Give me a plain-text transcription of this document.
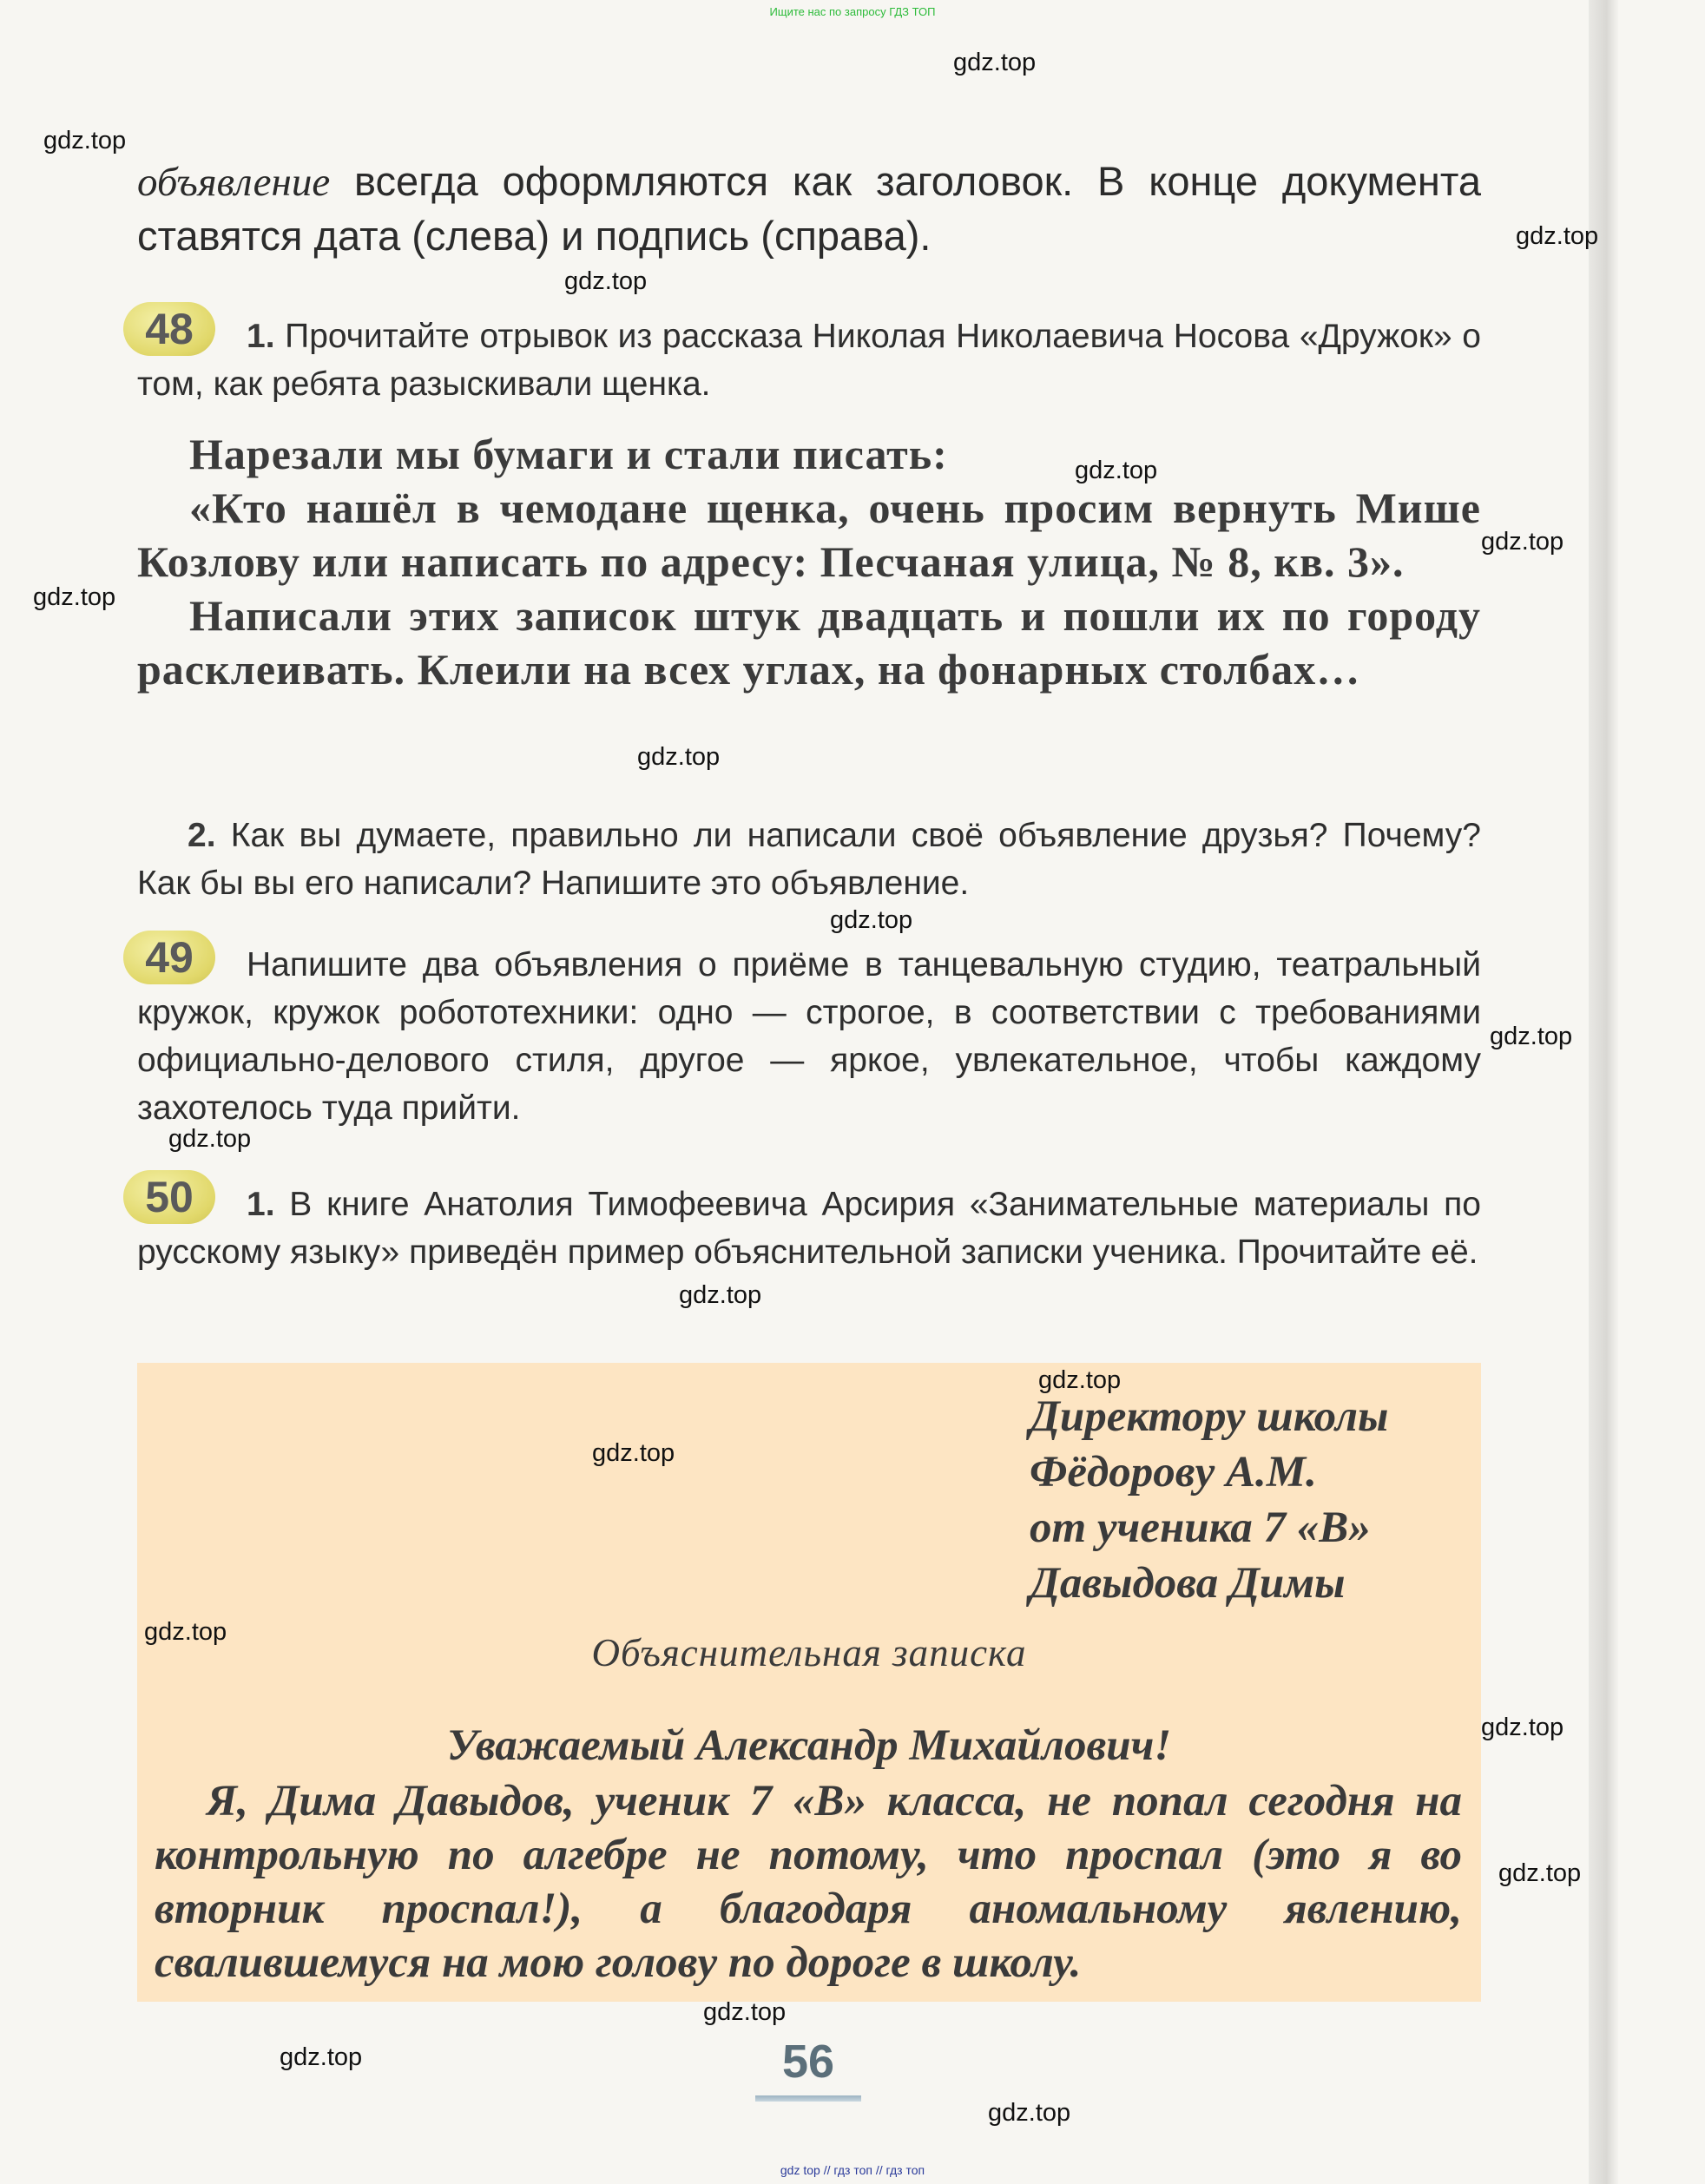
Ищите нас по запросу ГДЗ ТОП

объявление всегда оформляются как заголовок. В конце документа ставятся дата (слева) и подпись (справа).

48	1. Прочитайте отрывок из рассказа Николая Николаевича Носова «Дружок» о том, как ребята разыскивали щенка.

Нарезали мы бумаги и стали писать:
«Кто нашёл в чемодане щенка, очень просим вернуть Мише Козлову или написать по адресу: Песчаная улица, № 8, кв. 3».
Написали этих записок штук двадцать и пошли их по городу расклеивать. Клеили на всех углах, на фонарных столбах…

2. Как вы думаете, правильно ли написали своё объявление друзья? Почему? Как бы вы его написали? Напишите это объявление.

49	Напишите два объявления о приёме в танцевальную студию, театральный кружок, кружок робототехники: одно — строгое, в соответствии с требованиями официально-делового стиля, другое — яркое, увлекательное, чтобы каждому захотелось туда прийти.

50	1. В книге Анатолия Тимофеевича Арсирия «Занимательные материалы по русскому языку» приведён пример объяснительной записки ученика. Прочитайте её.

Директору школы
Фёдорову А.М.
от ученика 7 «В»
Давыдова Димы
Объяснительная записка

Уважаемый Александр Михайлович!

Я, Дима Давыдов, ученик 7 «В» класса, не попал сегодня на контрольную по алгебре не потому, что проспал (это я во вторник проспал!), а благодаря аномальному явлению, свалившемуся на мою голову по дороге в школу.

56
gdz top // гдз топ // гдз топ
gdz.top
gdz.top
gdz.top
gdz.top
gdz.top
gdz.top
gdz.top
gdz.top
gdz.top
gdz.top
gdz.top
gdz.top
gdz.top
gdz.top
gdz.top
gdz.top
gdz.top
gdz.top
gdz.top
gdz.top
